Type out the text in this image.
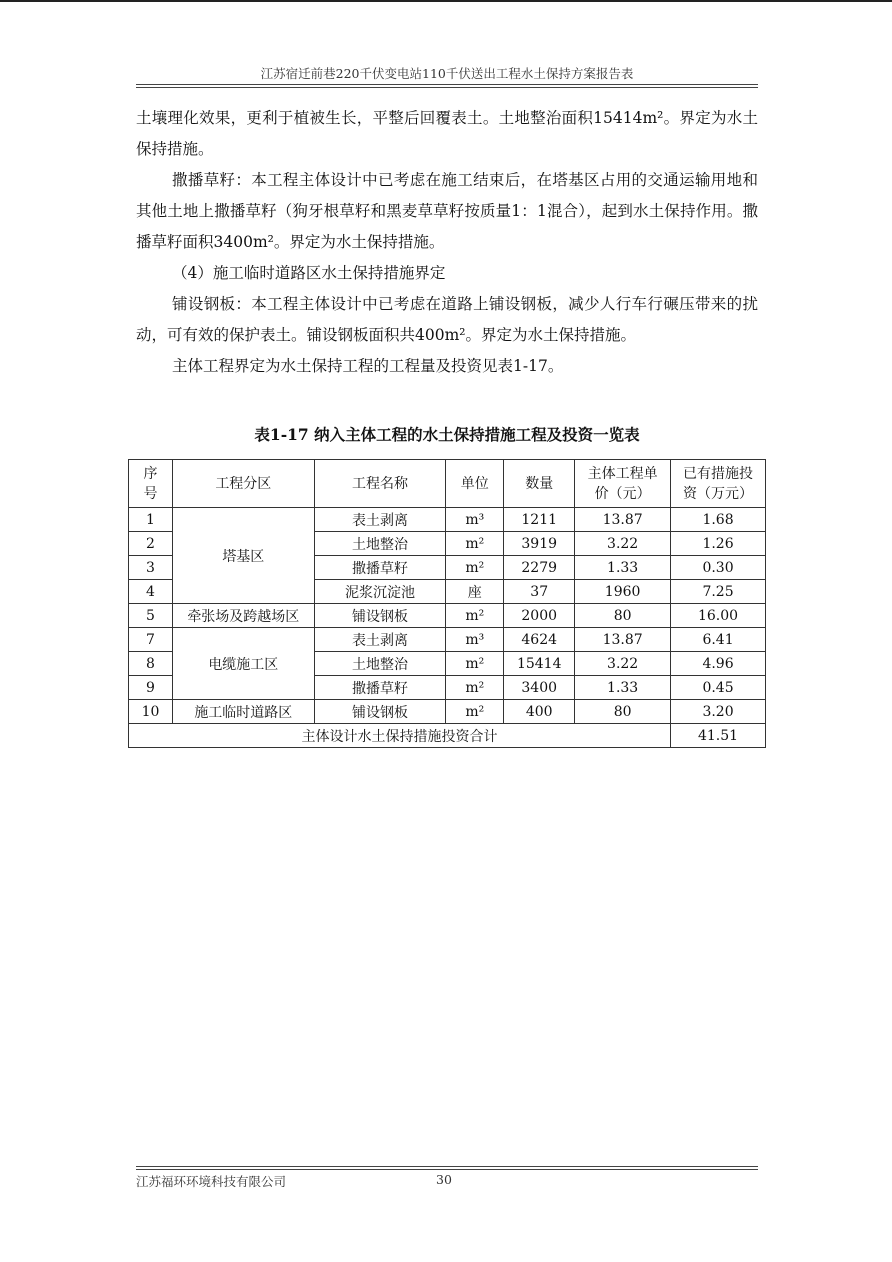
江苏宿迁前巷220千伏变电站110千伏送出工程水土保持方案报告表

土壤理化效果，更利于植被生长，平整后回覆表土。土地整治面积15414m²。界定为水土保持措施。

撒播草籽：本工程主体设计中已考虑在施工结束后，在塔基区占用的交通运输用地和其他土地上撒播草籽（狗牙根草籽和黑麦草草籽按质量1：1混合），起到水土保持作用。撒播草籽面积3400m²。界定为水土保持措施。

（4）施工临时道路区水土保持措施界定

铺设钢板：本工程主体设计中已考虑在道路上铺设钢板，减少人行车行碾压带来的扰动，可有效的保护表土。铺设钢板面积共400m²。界定为水土保持措施。

主体工程界定为水土保持工程的工程量及投资见表1-17。

表1-17 纳入主体工程的水土保持措施工程及投资一览表
序号	工程分区	工程名称	单位	数量	主体工程单价（元）	已有措施投资（万元）
1	塔基区	表土剥离	m³	1211	13.87	1.68
2		土地整治	m²	3919	3.22	1.26
3		撒播草籽	m²	2279	1.33	0.30
4		泥浆沉淀池	座	37	1960	7.25
5	牵张场及跨越场区	铺设钢板	m²	2000	80	16.00
7	电缆施工区	表土剥离	m³	4624	13.87	6.41
8		土地整治	m²	15414	3.22	4.96
9		撒播草籽	m²	3400	1.33	0.45
10	施工临时道路区	铺设钢板	m²	400	80	3.20
主体设计水土保持措施投资合计						41.51
江苏福环环境科技有限公司	30
